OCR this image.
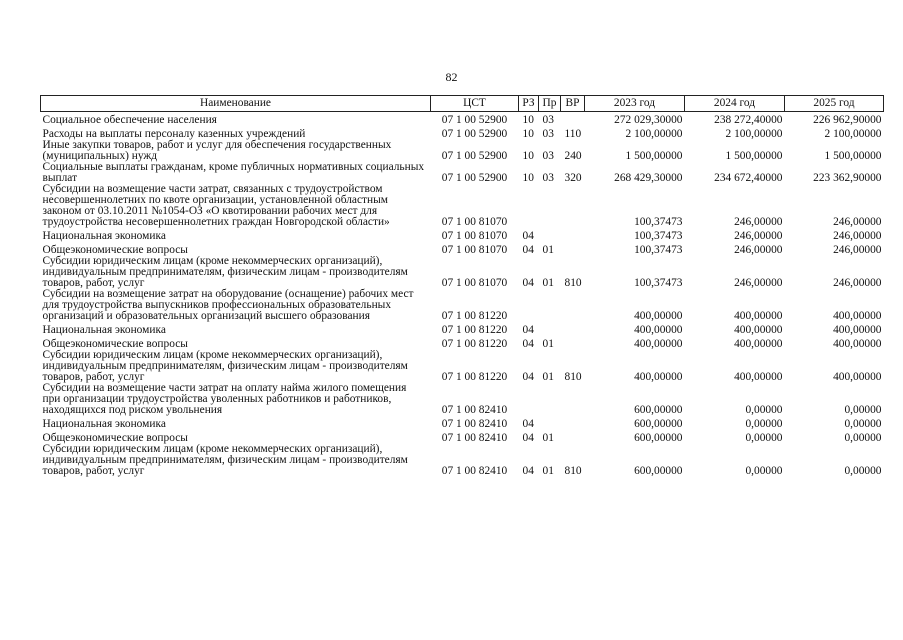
82
Наименование	ЦСТ	РЗ	Пр	ВР	2023 год	2024 год	2025 год
Социальное обеспечение населения	07 1 00 52900	10	03		272 029,30000	238 272,40000	226 962,90000
Расходы на выплаты персоналу казенных учреждений	07 1 00 52900	10	03	110	2 100,00000	2 100,00000	2 100,00000
Иные закупки товаров, работ и услуг для обеспечения государственных (муниципальных) нужд	07 1 00 52900	10	03	240	1 500,00000	1 500,00000	1 500,00000
Социальные выплаты гражданам, кроме публичных нормативных социальных выплат	07 1 00 52900	10	03	320	268 429,30000	234 672,40000	223 362,90000
Субсидии на возмещение части затрат, связанных с трудоустройством несовершеннолетних по квоте организации, установленной областным законом от 03.10.2011 №1054-ОЗ «О квотировании рабочих мест для трудоустройства несовершеннолетних граждан Новгородской области»	07 1 00 81070				100,37473	246,00000	246,00000
Национальная экономика	07 1 00 81070	04			100,37473	246,00000	246,00000
Общеэкономические вопросы	07 1 00 81070	04	01		100,37473	246,00000	246,00000
Субсидии юридическим лицам (кроме некоммерческих организаций), индивидуальным предпринимателям, физическим лицам - производителям товаров, работ, услуг	07 1 00 81070	04	01	810	100,37473	246,00000	246,00000
Субсидии на возмещение затрат на оборудование (оснащение) рабочих мест для трудоустройства выпускников профессиональных образовательных организаций и образовательных организаций высшего образования	07 1 00 81220				400,00000	400,00000	400,00000
Национальная экономика	07 1 00 81220	04			400,00000	400,00000	400,00000
Общеэкономические вопросы	07 1 00 81220	04	01		400,00000	400,00000	400,00000
Субсидии юридическим лицам (кроме некоммерческих организаций), индивидуальным предпринимателям, физическим лицам - производителям товаров, работ, услуг	07 1 00 81220	04	01	810	400,00000	400,00000	400,00000
Субсидии на возмещение части затрат на оплату найма жилого помещения при организации трудоустройства уволенных работников и работников, находящихся под риском увольнения	07 1 00 82410				600,00000	0,00000	0,00000
Национальная экономика	07 1 00 82410	04			600,00000	0,00000	0,00000
Общеэкономические вопросы	07 1 00 82410	04	01		600,00000	0,00000	0,00000
Субсидии юридическим лицам (кроме некоммерческих организаций), индивидуальным предпринимателям, физическим лицам - производителям товаров, работ, услуг	07 1 00 82410	04	01	810	600,00000	0,00000	0,00000
